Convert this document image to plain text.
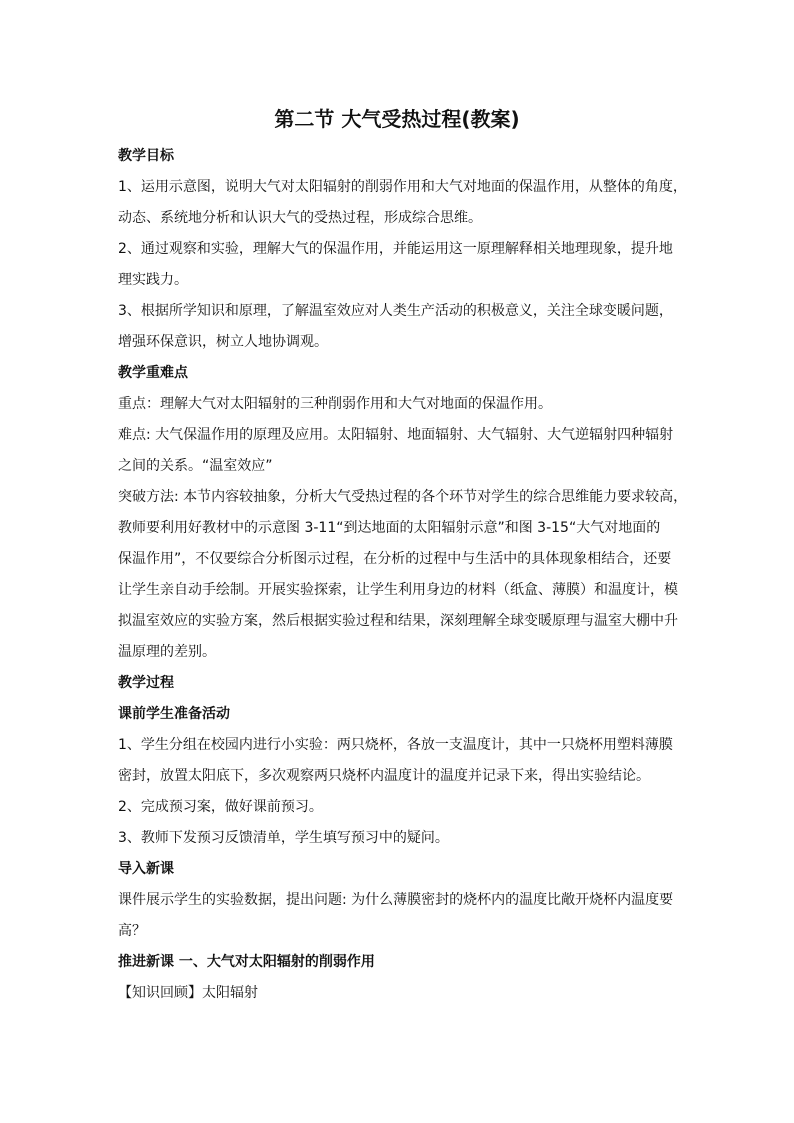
第二节 大气受热过程(教案)

教学目标

1、运用示意图，说明大气对太阳辐射的削弱作用和大气对地面的保温作用，从整体的角度，

动态、系统地分析和认识大气的受热过程，形成综合思维。

2、通过观察和实验，理解大气的保温作用，并能运用这一原理解释相关地理现象，提升地

理实践力。

3、根据所学知识和原理，了解温室效应对人类生产活动的积极意义，关注全球变暖问题，

增强环保意识，树立人地协调观。

教学重难点

重点：理解大气对太阳辐射的三种削弱作用和大气对地面的保温作用。

难点: 大气保温作用的原理及应用。太阳辐射、地面辐射、大气辐射、大气逆辐射四种辐射

之间的关系。“温室效应”

突破方法: 本节内容较抽象，分析大气受热过程的各个环节对学生的综合思维能力要求较高，

教师要利用好教材中的示意图 3-11“到达地面的太阳辐射示意”和图 3-15“大气对地面的

保温作用”，不仅要综合分析图示过程，在分析的过程中与生活中的具体现象相结合，还要

让学生亲自动手绘制。开展实验探索，让学生利用身边的材料（纸盒、薄膜）和温度计，模

拟温室效应的实验方案，然后根据实验过程和结果，深刻理解全球变暖原理与温室大棚中升

温原理的差别。

教学过程

课前学生准备活动

1、学生分组在校园内进行小实验：两只烧杯，各放一支温度计，其中一只烧杯用塑料薄膜

密封，放置太阳底下，多次观察两只烧杯内温度计的温度并记录下来，得出实验结论。

2、完成预习案，做好课前预习。

3、教师下发预习反馈清单，学生填写预习中的疑问。

导入新课

课件展示学生的实验数据，提出问题: 为什么薄膜密封的烧杯内的温度比敞开烧杯内温度要

高？

推进新课 一、大气对太阳辐射的削弱作用

【知识回顾】太阳辐射
